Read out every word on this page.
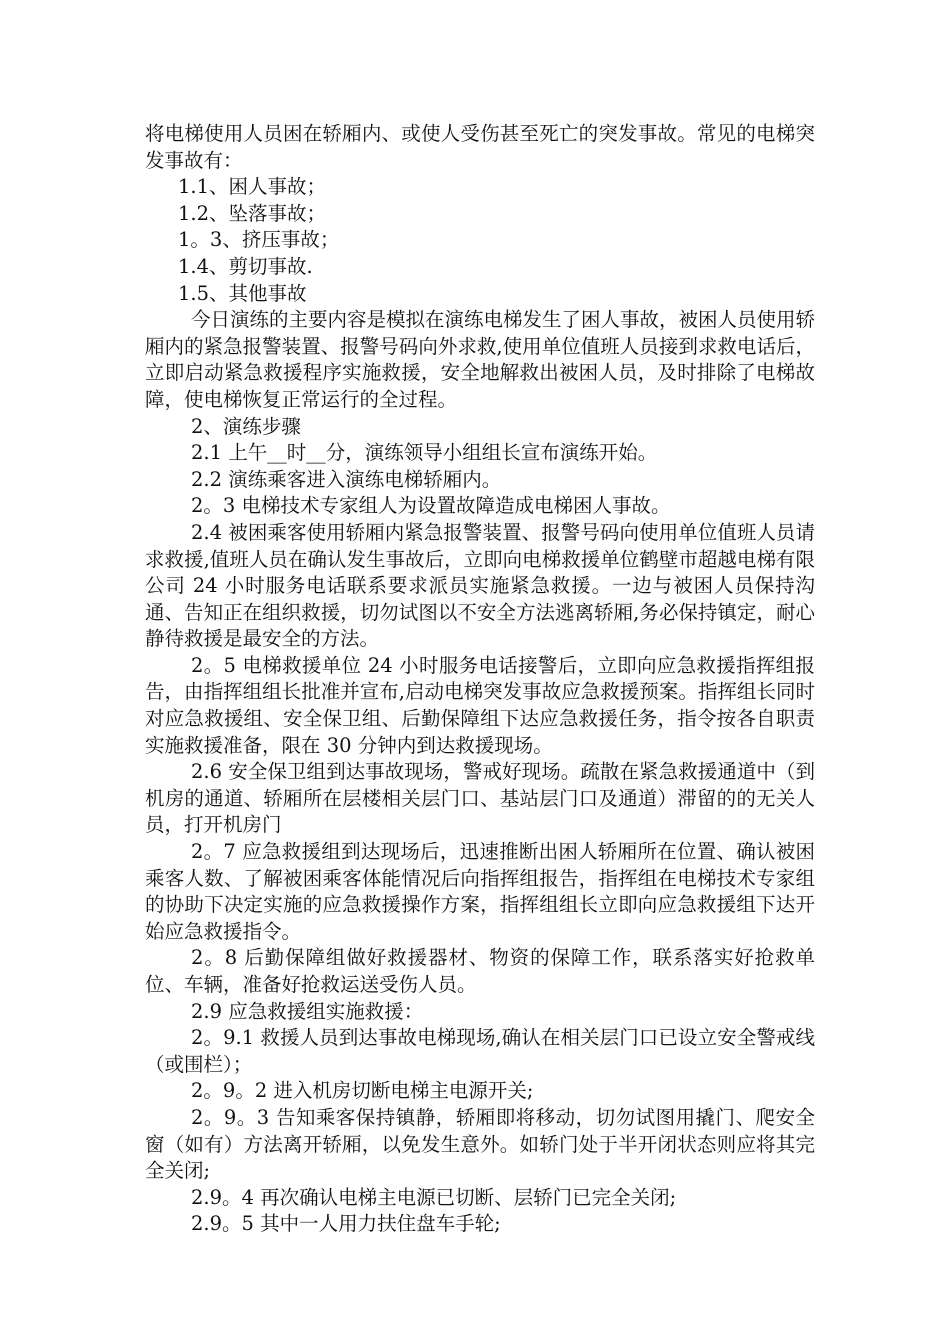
将电梯使用人员困在轿厢内、或使人受伤甚至死亡的突发事故。常见的电梯突发事故有：

1.1、困人事故；

1.2、坠落事故；

1。3、挤压事故；

1.4、剪切事故.

1.5、其他事故

今日演练的主要内容是模拟在演练电梯发生了困人事故，被困人员使用轿厢内的紧急报警装置、报警号码向外求救,使用单位值班人员接到求救电话后，立即启动紧急救援程序实施救援，安全地解救出被困人员，及时排除了电梯故障，使电梯恢复正常运行的全过程。

2、演练步骤

2.1 上午__时__分，演练领导小组组长宣布演练开始。

2.2 演练乘客进入演练电梯轿厢内。

2。3 电梯技术专家组人为设置故障造成电梯困人事故。

2.4 被困乘客使用轿厢内紧急报警装置、报警号码向使用单位值班人员请求救援,值班人员在确认发生事故后，立即向电梯救援单位鹤壁市超越电梯有限公司 24 小时服务电话联系要求派员实施紧急救援。一边与被困人员保持沟通、告知正在组织救援，切勿试图以不安全方法逃离轿厢,务必保持镇定，耐心静待救援是最安全的方法。

2。5 电梯救援单位 24 小时服务电话接警后，立即向应急救援指挥组报告，由指挥组组长批准并宣布,启动电梯突发事故应急救援预案。指挥组长同时对应急救援组、安全保卫组、后勤保障组下达应急救援任务，指令按各自职责实施救援准备，限在 30 分钟内到达救援现场。

2.6 安全保卫组到达事故现场，警戒好现场。疏散在紧急救援通道中（到机房的通道、轿厢所在层楼相关层门口、基站层门口及通道）滞留的的无关人员，打开机房门

2。7 应急救援组到达现场后，迅速推断出困人轿厢所在位置、确认被困乘客人数、了解被困乘客体能情况后向指挥组报告，指挥组在电梯技术专家组的协助下决定实施的应急救援操作方案，指挥组组长立即向应急救援组下达开始应急救援指令。

2。8 后勤保障组做好救援器材、物资的保障工作，联系落实好抢救单位、车辆，准备好抢救运送受伤人员。

2.9 应急救援组实施救援：

2。9.1 救援人员到达事故电梯现场,确认在相关层门口已设立安全警戒线（或围栏）；

2。9。2 进入机房切断电梯主电源开关;

2。9。3 告知乘客保持镇静，轿厢即将移动，切勿试图用撬门、爬安全窗（如有）方法离开轿厢，以免发生意外。如轿门处于半开闭状态则应将其完全关闭;

2.9。4 再次确认电梯主电源已切断、层轿门已完全关闭;

2.9。5 其中一人用力扶住盘车手轮;
